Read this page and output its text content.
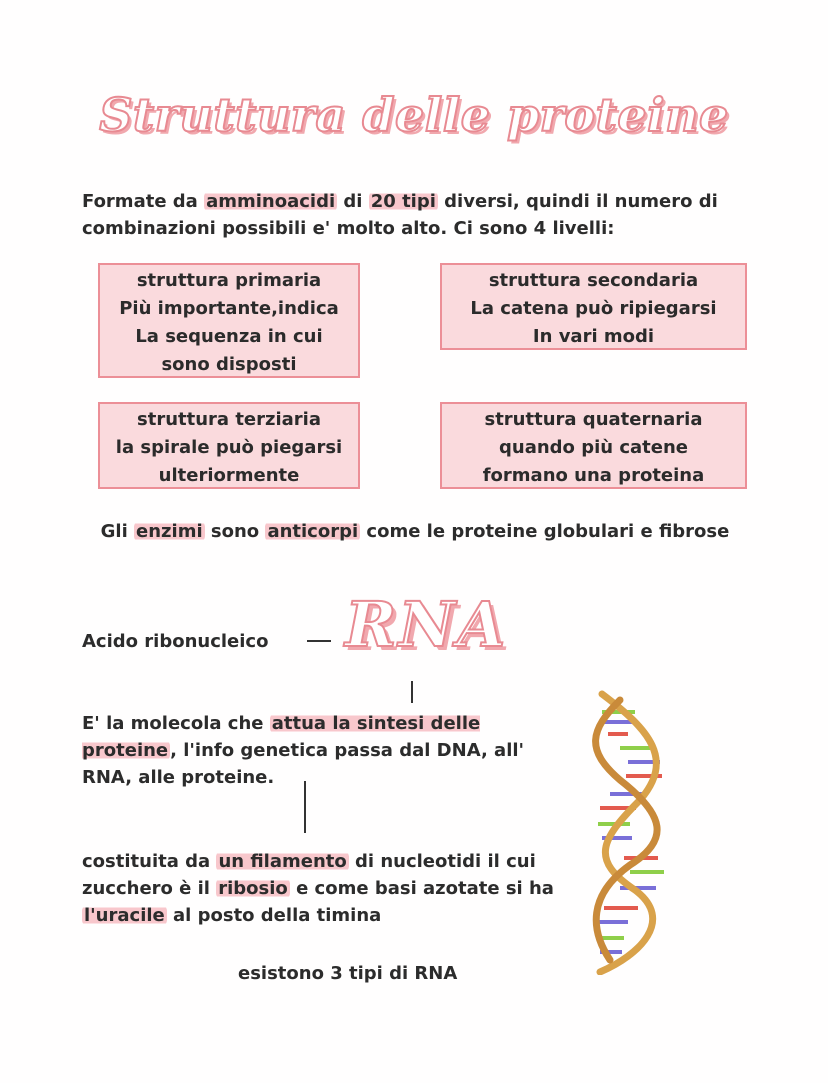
Struttura delle proteine
Formate da amminoacidi di 20 tipi diversi, quindi il numero di combinazioni possibili e' molto alto. Ci sono 4 livelli:
struttura primaria
Più importante,indica
La sequenza in cui
sono disposti
struttura secondaria
La catena può ripiegarsi
In vari modi
struttura terziaria
la spirale può piegarsi
ulteriormente
struttura quaternaria
quando più catene
formano una proteina
Gli enzimi sono anticorpi come le proteine globulari e fibrose
Acido ribonucleico RNA
E' la molecola che attua la sintesi delle proteine , l'info genetica passa dal DNA, all' RNA, alle proteine.
costituita da un filamento di nucleotidi il cui zucchero è il ribosio e come basi azotate si ha l'uracile al posto della timina
esistono 3 tipi di RNA
